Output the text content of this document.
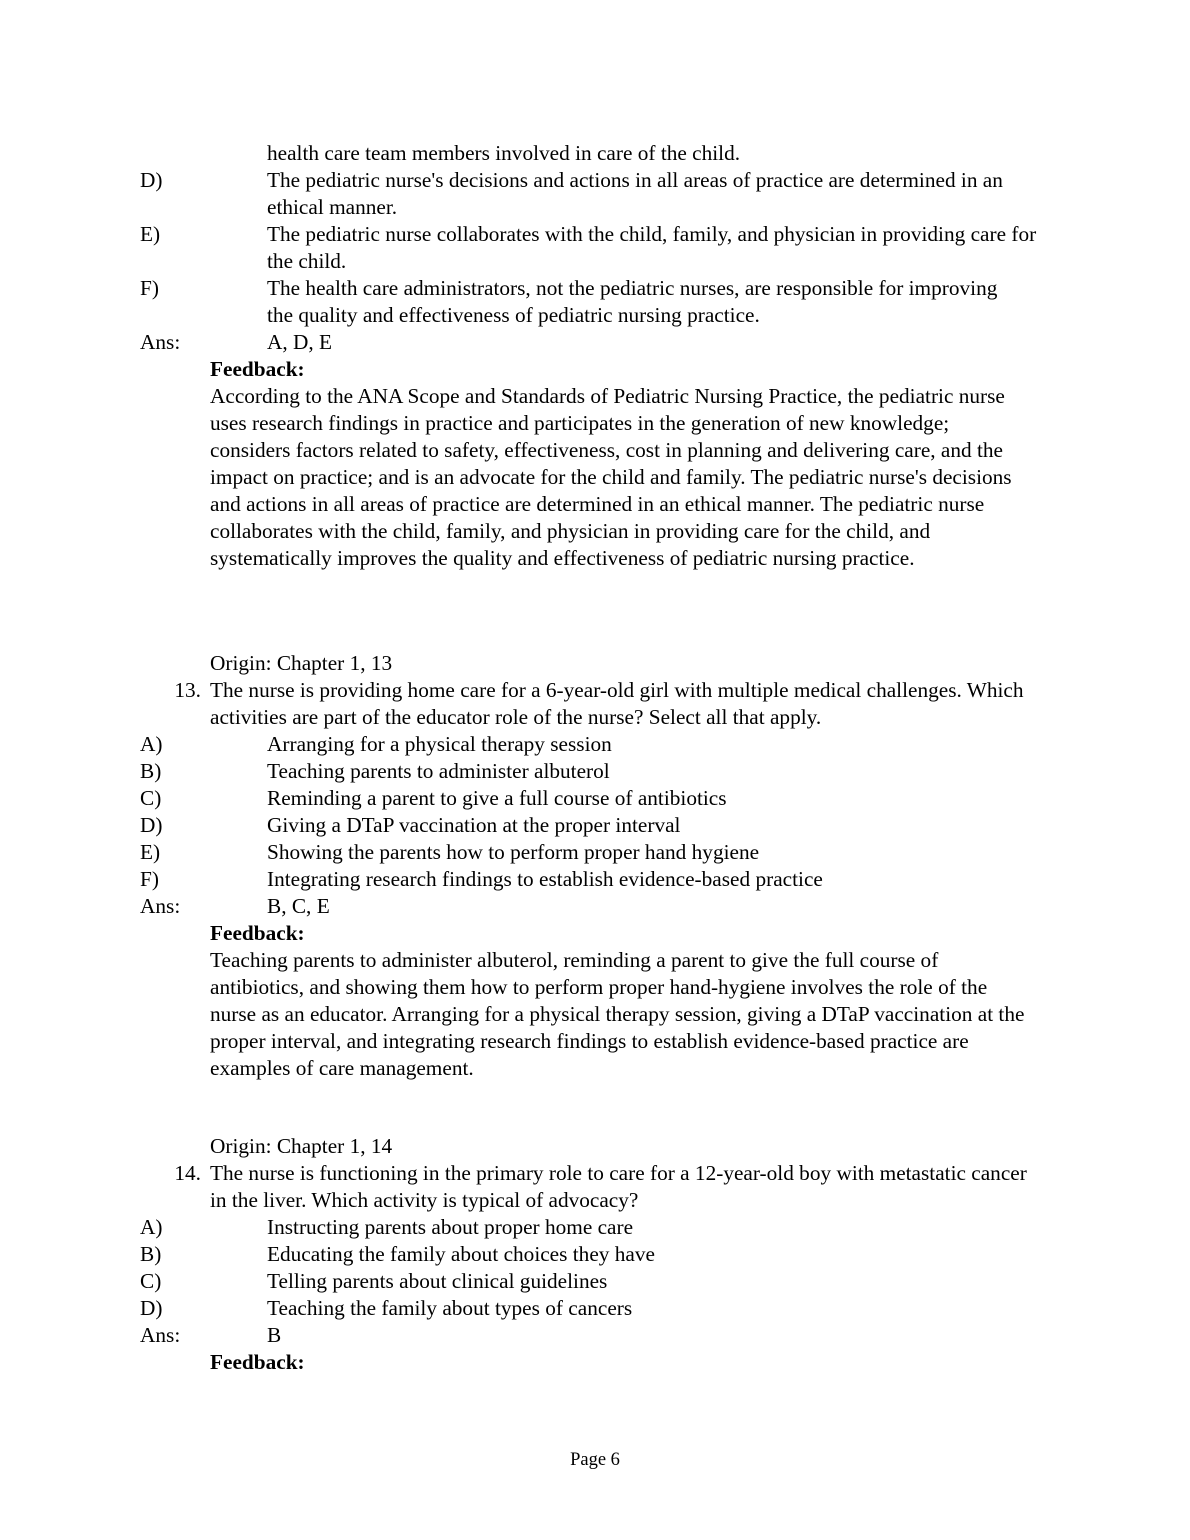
health care team members involved in care of the child.
D)	The pediatric nurse's decisions and actions in all areas of practice are determined in an ethical manner.
E)	The pediatric nurse collaborates with the child, family, and physician in providing care for the child.
F)	The health care administrators, not the pediatric nurses, are responsible for improving the quality and effectiveness of pediatric nursing practice.
Ans:	A, D, E
Feedback:
According to the ANA Scope and Standards of Pediatric Nursing Practice, the pediatric nurse uses research findings in practice and participates in the generation of new knowledge; considers factors related to safety, effectiveness, cost in planning and delivering care, and the impact on practice; and is an advocate for the child and family. The pediatric nurse's decisions and actions in all areas of practice are determined in an ethical manner. The pediatric nurse collaborates with the child, family, and physician in providing care for the child, and systematically improves the quality and effectiveness of pediatric nursing practice.
Origin: Chapter 1, 13
13. The nurse is providing home care for a 6-year-old girl with multiple medical challenges. Which activities are part of the educator role of the nurse? Select all that apply.
A)	Arranging for a physical therapy session
B)	Teaching parents to administer albuterol
C)	Reminding a parent to give a full course of antibiotics
D)	Giving a DTaP vaccination at the proper interval
E)	Showing the parents how to perform proper hand hygiene
F)	Integrating research findings to establish evidence-based practice
Ans:	B, C, E
Feedback:
Teaching parents to administer albuterol, reminding a parent to give the full course of antibiotics, and showing them how to perform proper hand-hygiene involves the role of the nurse as an educator. Arranging for a physical therapy session, giving a DTaP vaccination at the proper interval, and integrating research findings to establish evidence-based practice are examples of care management.
Origin: Chapter 1, 14
14. The nurse is functioning in the primary role to care for a 12-year-old boy with metastatic cancer in the liver. Which activity is typical of advocacy?
A)	Instructing parents about proper home care
B)	Educating the family about choices they have
C)	Telling parents about clinical guidelines
D)	Teaching the family about types of cancers
Ans:	B
Feedback:
Page 6
